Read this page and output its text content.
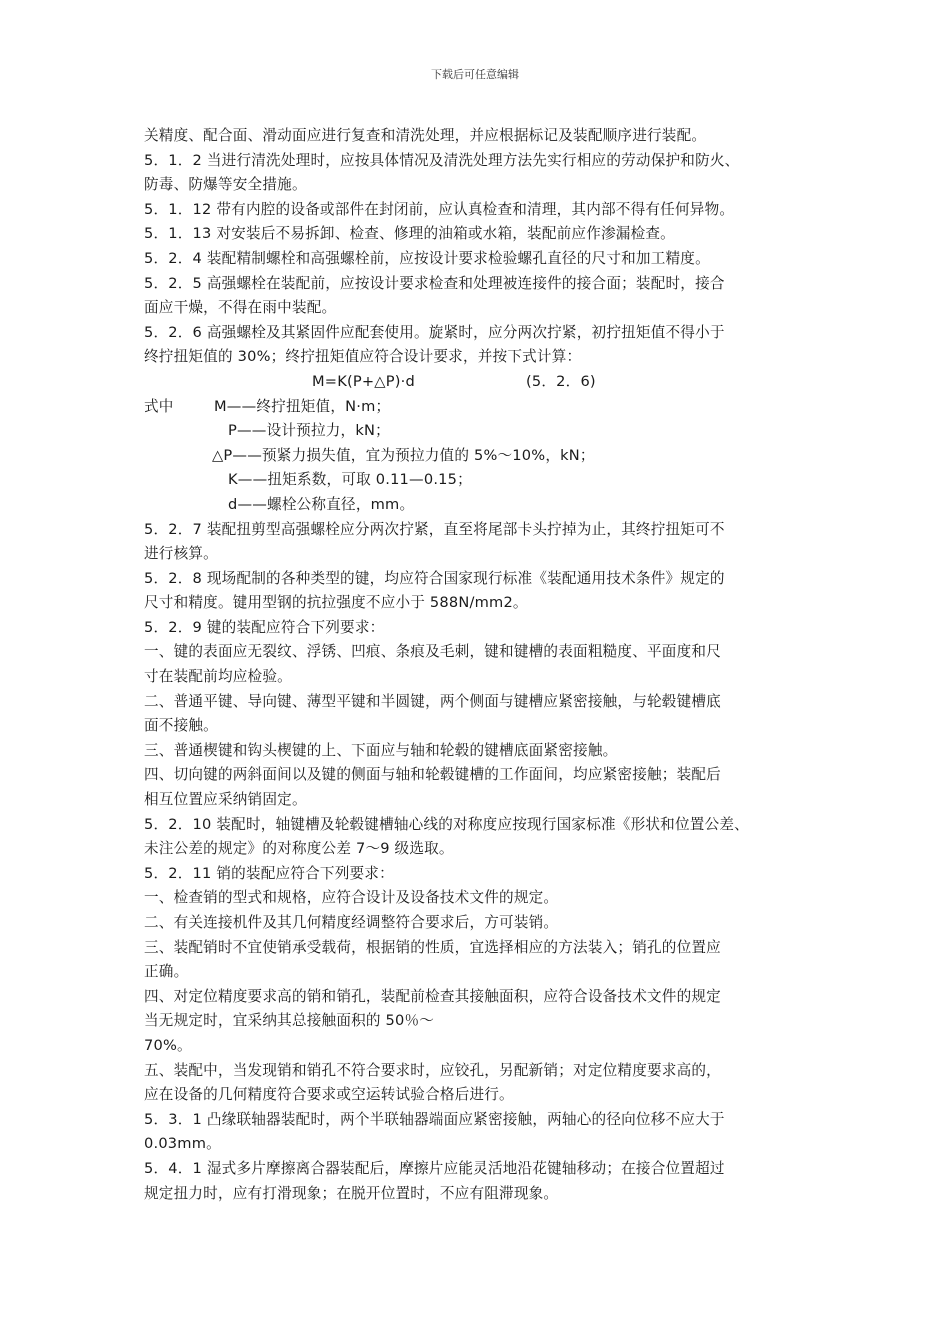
下载后可任意编辑
关精度、配合面、滑动面应进行复查和清洗处理，并应根据标记及装配顺序进行装配。
5．1．2 当进行清洗处理时，应按具体情况及清洗处理方法先实行相应的劳动保护和防火、
防毒、防爆等安全措施。
5．1．12 带有内腔的设备或部件在封闭前，应认真检查和清理，其内部不得有任何异物。
5．1．13 对安装后不易拆卸、检查、修理的油箱或水箱，装配前应作渗漏检查。
5．2．4 装配精制螺栓和高强螺栓前，应按设计要求检验螺孔直径的尺寸和加工精度。
5．2．5 高强螺栓在装配前，应按设计要求检查和处理被连接件的接合面；装配时，接合
面应干燥，不得在雨中装配。
5．2．6 高强螺栓及其紧固件应配套使用。旋紧时，应分两次拧紧，初拧扭矩值不得小于
终拧扭矩值的 30%；终拧扭矩值应符合设计要求，并按下式计算：
M=K(P+△P)·d	(5．2．6)
式中	M——终拧扭矩值，N·m；
P——设计预拉力，kN；
△P——预紧力损失值，宜为预拉力值的 5%～10%，kN；
K——扭矩系数，可取 0.11—0.15；
d——螺栓公称直径，mm。
5．2．7 装配扭剪型高强螺栓应分两次拧紧，直至将尾部卡头拧掉为止，其终拧扭矩可不
进行核算。
5．2．8 现场配制的各种类型的键，均应符合国家现行标准《装配通用技术条件》规定的
尺寸和精度。键用型钢的抗拉强度不应小于 588N/mm2。
5．2．9 键的装配应符合下列要求：
一、键的表面应无裂纹、浮锈、凹痕、条痕及毛刺，键和键槽的表面粗糙度、平面度和尺
寸在装配前均应检验。
二、普通平键、导向键、薄型平键和半圆键，两个侧面与键槽应紧密接触，与轮毂键槽底
面不接触。
三、普通楔键和钩头楔键的上、下面应与轴和轮毂的键槽底面紧密接触。
四、切向键的两斜面间以及键的侧面与轴和轮毂键槽的工作面间，均应紧密接触；装配后
相互位置应采纳销固定。
5．2．10 装配时，轴键槽及轮毂键槽轴心线的对称度应按现行国家标准《形状和位置公差、
未注公差的规定》的对称度公差 7～9 级选取。
5．2．11 销的装配应符合下列要求：
一、检查销的型式和规格，应符合设计及设备技术文件的规定。
二、有关连接机件及其几何精度经调整符合要求后，方可装销。
三、装配销时不宜使销承受载荷，根据销的性质，宜选择相应的方法装入；销孔的位置应
正确。
四、对定位精度要求高的销和销孔，装配前检查其接触面积，应符合设备技术文件的规定
当无规定时，宜采纳其总接触面积的 50％～
70%。
五、装配中，当发现销和销孔不符合要求时，应铰孔，另配新销；对定位精度要求高的，
应在设备的几何精度符合要求或空运转试验合格后进行。
5．3．1 凸缘联轴器装配时，两个半联轴器端面应紧密接触，两轴心的径向位移不应大于
0.03mm。
5．4．1 湿式多片摩擦离合器装配后，摩擦片应能灵活地沿花键轴移动；在接合位置超过
规定扭力时，应有打滑现象；在脱开位置时，不应有阻滞现象。
